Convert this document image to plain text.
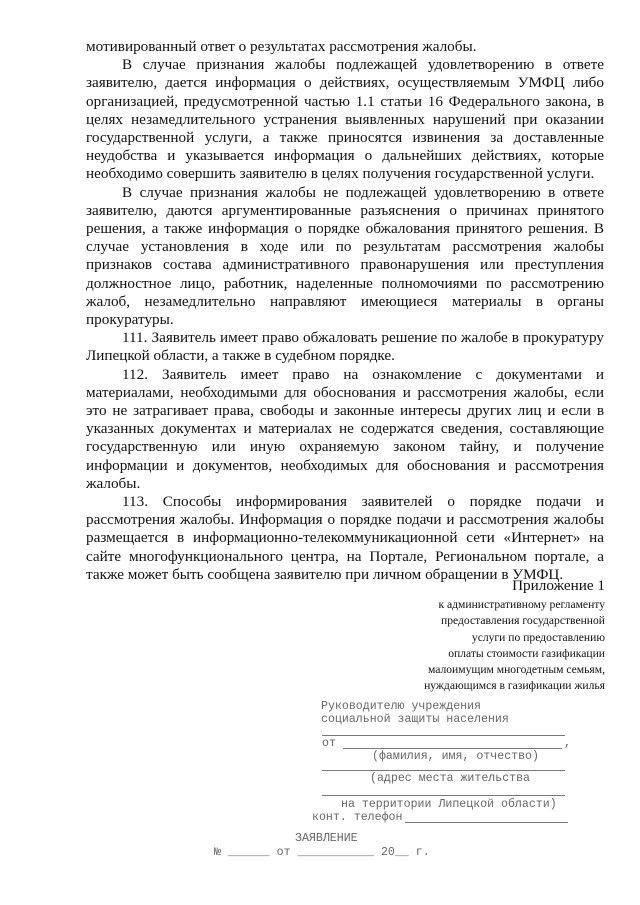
мотивированный ответ о результатах рассмотрения жалобы.

В случае признания жалобы подлежащей удовлетворению в ответе заявителю, дается информация о действиях, осуществляемым УМФЦ либо организацией, предусмотренной частью 1.1 статьи 16 Федерального закона, в целях незамедлительного устранения выявленных нарушений при оказании государственной услуги, а также приносятся извинения за доставленные неудобства и указывается информация о дальнейших действиях, которые необходимо совершить заявителю в целях получения государственной услуги.

В случае признания жалобы не подлежащей удовлетворению в ответе заявителю, даются аргументированные разъяснения о причинах принятого решения, а также информация о порядке обжалования принятого решения. В случае установления в ходе или по результатам рассмотрения жалобы признаков состава административного правонарушения или преступления должностное лицо, работник, наделенные полномочиями по рассмотрению жалоб, незамедлительно направляют имеющиеся материалы в органы прокуратуры.

111. Заявитель имеет право обжаловать решение по жалобе в прокуратуру Липецкой области, а также в судебном порядке.

112. Заявитель имеет право на ознакомление с документами и материалами, необходимыми для обоснования и рассмотрения жалобы, если это не затрагивает права, свободы и законные интересы других лиц и если в указанных документах и материалах не содержатся сведения, составляющие государственную или иную охраняемую законом тайну, и получение информации и документов, необходимых для обоснования и рассмотрения жалобы.

113. Способы информирования заявителей о порядке подачи и рассмотрения жалобы. Информация о порядке подачи и рассмотрения жалобы размещается в информационно-телекоммуникационной сети «Интернет» на сайте многофункционального центра, на Портале, Региональном портале, а также может быть сообщена заявителю при личном обращении в УМФЦ.

Приложение 1
к административному регламенту
предоставления государственной
услуги по предоставлению
оплаты стоимости газификации
малоимущим многодетным семьям,
нуждающимся в газификации жилья
Руководителю учреждения
социальной защиты населения
от	,
(фамилия, имя, отчество)
(адрес места жительства
на территории Липецкой области)
конт. телефон
ЗАЯВЛЕНИЕ
№ ______ от ___________ 20__ г.
